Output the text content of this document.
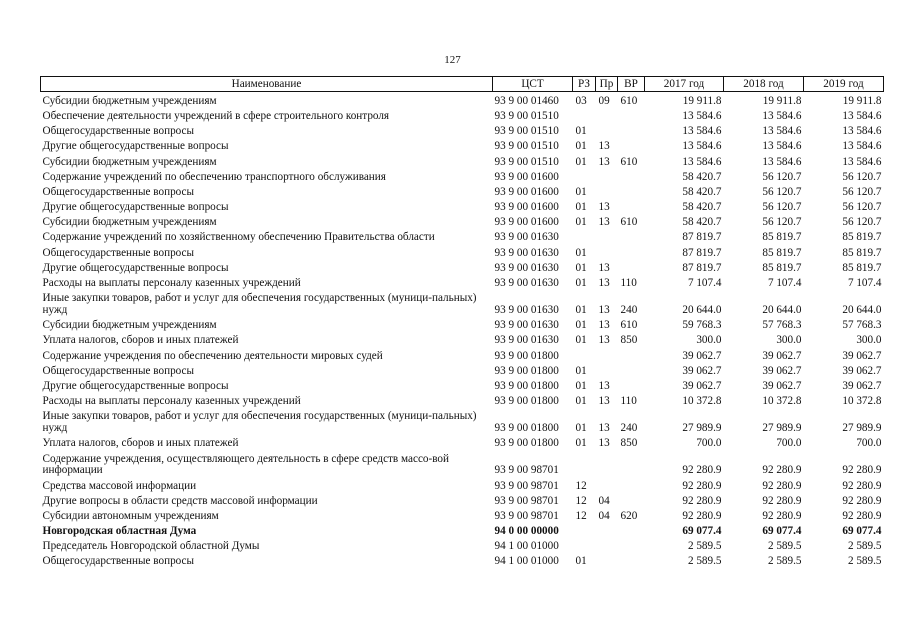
127
Наименование	ЦСТ	РЗ	Пр	ВР	2017 год	2018 год	2019 год
Субсидии бюджетным учреждениям	93 9 00 01460	03	09	610	19 911.8	19 911.8	19 911.8
Обеспечение деятельности учреждений в сфере строительного контроля	93 9 00 01510				13 584.6	13 584.6	13 584.6
Общегосударственные вопросы	93 9 00 01510	01			13 584.6	13 584.6	13 584.6
Другие общегосударственные вопросы	93 9 00 01510	01	13		13 584.6	13 584.6	13 584.6
Субсидии бюджетным учреждениям	93 9 00 01510	01	13	610	13 584.6	13 584.6	13 584.6
Содержание учреждений по обеспечению транспортного обслуживания	93 9 00 01600				58 420.7	56 120.7	56 120.7
Общегосударственные вопросы	93 9 00 01600	01			58 420.7	56 120.7	56 120.7
Другие общегосударственные вопросы	93 9 00 01600	01	13		58 420.7	56 120.7	56 120.7
Субсидии бюджетным учреждениям	93 9 00 01600	01	13	610	58 420.7	56 120.7	56 120.7
Содержание учреждений по хозяйственному обеспечению Правительства области	93 9 00 01630				87 819.7	85 819.7	85 819.7
Общегосударственные вопросы	93 9 00 01630	01			87 819.7	85 819.7	85 819.7
Другие общегосударственные вопросы	93 9 00 01630	01	13		87 819.7	85 819.7	85 819.7
Расходы на выплаты персоналу казенных учреждений	93 9 00 01630	01	13	110	7 107.4	7 107.4	7 107.4
Иные закупки товаров, работ и услуг для обеспечения государственных (муници-пальных) нужд	93 9 00 01630	01	13	240	20 644.0	20 644.0	20 644.0
Субсидии бюджетным учреждениям	93 9 00 01630	01	13	610	59 768.3	57 768.3	57 768.3
Уплата налогов, сборов и иных платежей	93 9 00 01630	01	13	850	300.0	300.0	300.0
Содержание учреждения по обеспечению деятельности мировых судей	93 9 00 01800				39 062.7	39 062.7	39 062.7
Общегосударственные вопросы	93 9 00 01800	01			39 062.7	39 062.7	39 062.7
Другие общегосударственные вопросы	93 9 00 01800	01	13		39 062.7	39 062.7	39 062.7
Расходы на выплаты персоналу казенных учреждений	93 9 00 01800	01	13	110	10 372.8	10 372.8	10 372.8
Иные закупки товаров, работ и услуг для обеспечения государственных (муници-пальных) нужд	93 9 00 01800	01	13	240	27 989.9	27 989.9	27 989.9
Уплата налогов, сборов и иных платежей	93 9 00 01800	01	13	850	700.0	700.0	700.0
Содержание учреждения, осуществляющего деятельность в сфере средств массо-вой информации	93 9 00 98701				92 280.9	92 280.9	92 280.9
Средства массовой информации	93 9 00 98701	12			92 280.9	92 280.9	92 280.9
Другие вопросы в области средств массовой информации	93 9 00 98701	12	04		92 280.9	92 280.9	92 280.9
Субсидии автономным учреждениям	93 9 00 98701	12	04	620	92 280.9	92 280.9	92 280.9
Новгородская областная Дума	94 0 00 00000				69 077.4	69 077.4	69 077.4
Председатель Новгородской областной Думы	94 1 00 01000				2 589.5	2 589.5	2 589.5
Общегосударственные вопросы	94 1 00 01000	01			2 589.5	2 589.5	2 589.5
